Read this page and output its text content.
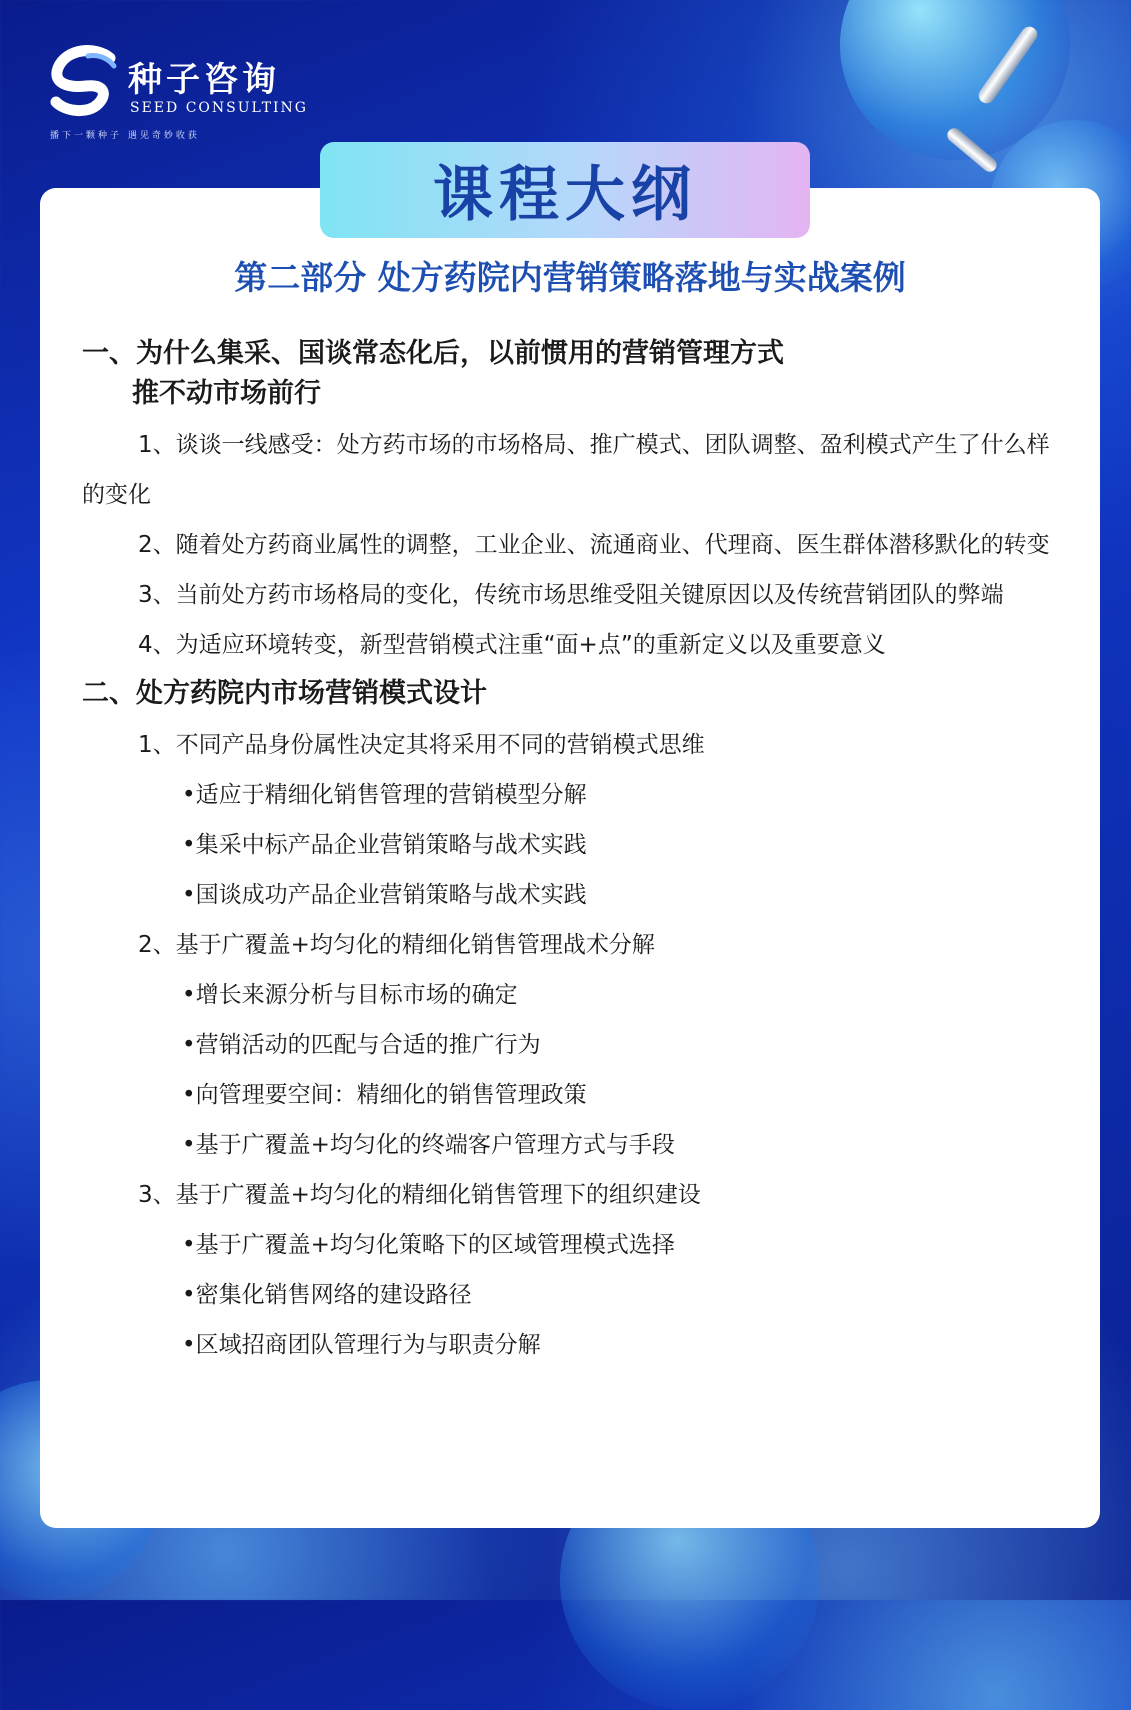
种子咨询
SEED CONSULTING
播下一颗种子 遇见奇妙收获
课程大纲
第二部分 处方药院内营销策略落地与实战案例
一、为什么集采、国谈常态化后，以前惯用的营销管理方式
推不动市场前行

1、谈谈一线感受：处方药市场的市场格局、推广模式、团队调整、盈利模式产生了什么样的变化

2、随着处方药商业属性的调整，工业企业、流通商业、代理商、医生群体潜移默化的转变

3、当前处方药市场格局的变化，传统市场思维受阻关键原因以及传统营销团队的弊端

4、为适应环境转变，新型营销模式注重“面+点”的重新定义以及重要意义

二、处方药院内市场营销模式设计

1、不同产品身份属性决定其将采用不同的营销模式思维

•适应于精细化销售管理的营销模型分解

•集采中标产品企业营销策略与战术实践

•国谈成功产品企业营销策略与战术实践

2、基于广覆盖+均匀化的精细化销售管理战术分解

•增长来源分析与目标市场的确定

•营销活动的匹配与合适的推广行为

•向管理要空间：精细化的销售管理政策

•基于广覆盖+均匀化的终端客户管理方式与手段

3、基于广覆盖+均匀化的精细化销售管理下的组织建设

•基于广覆盖+均匀化策略下的区域管理模式选择

•密集化销售网络的建设路径

•区域招商团队管理行为与职责分解
